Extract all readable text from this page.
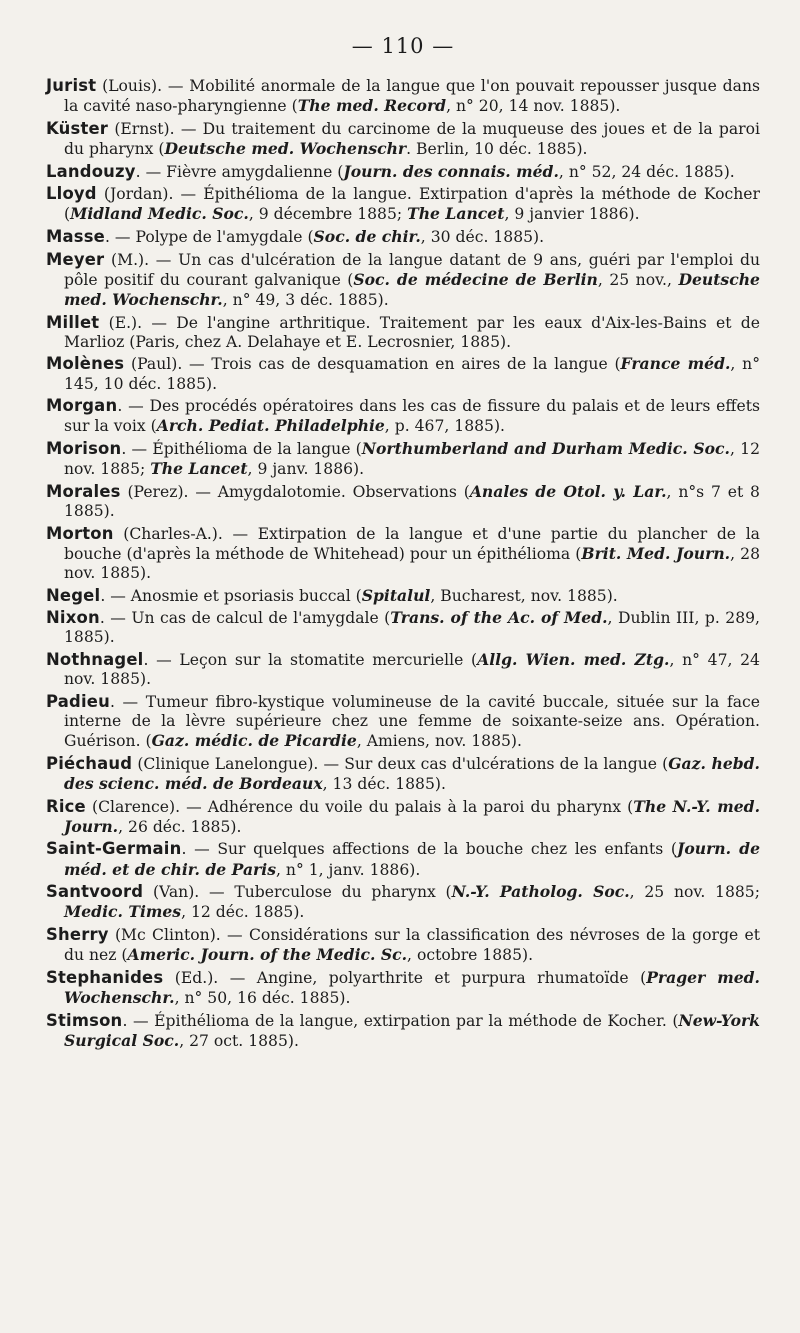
— 110 —

Jurist (Louis). — Mobilité anormale de la langue que l'on pouvait repousser jusque dans la cavité naso-pharyngienne (The med. Record, n° 20, 14 nov. 1885).

Küster (Ernst). — Du traitement du carcinome de la muqueuse des joues et de la paroi du pharynx (Deutsche med. Wochenschr. Berlin, 10 déc. 1885).

Landouzy. — Fièvre amygdalienne (Journ. des connais. méd., n° 52, 24 déc. 1885).

Lloyd (Jordan). — Épithélioma de la langue. Extirpation d'après la méthode de Kocher (Midland Medic. Soc., 9 décembre 1885; The Lancet, 9 janvier 1886).

Masse. — Polype de l'amygdale (Soc. de chir., 30 déc. 1885).

Meyer (M.). — Un cas d'ulcération de la langue datant de 9 ans, guéri par l'emploi du pôle positif du courant galvanique (Soc. de médecine de Berlin, 25 nov., Deutsche med. Wochenschr., n° 49, 3 déc. 1885).

Millet (E.). — De l'angine arthritique. Traitement par les eaux d'Aix-les-Bains et de Marlioz (Paris, chez A. Delahaye et E. Lecrosnier, 1885).

Molènes (Paul). — Trois cas de desquamation en aires de la langue (France méd., n° 145, 10 déc. 1885).

Morgan. — Des procédés opératoires dans les cas de fissure du palais et de leurs effets sur la voix (Arch. Pediat. Philadelphie, p. 467, 1885).

Morison. — Épithélioma de la langue (Northumberland and Durham Medic. Soc., 12 nov. 1885; The Lancet, 9 janv. 1886).

Morales (Perez). — Amygdalotomie. Observations (Anales de Otol. y. Lar., n°s 7 et 8 1885).

Morton (Charles-A.). — Extirpation de la langue et d'une partie du plancher de la bouche (d'après la méthode de Whitehead) pour un épithélioma (Brit. Med. Journ., 28 nov. 1885).

Negel. — Anosmie et psoriasis buccal (Spitalul, Bucharest, nov. 1885).

Nixon. — Un cas de calcul de l'amygdale (Trans. of the Ac. of Med., Dublin III, p. 289, 1885).

Nothnagel. — Leçon sur la stomatite mercurielle (Allg. Wien. med. Ztg., n° 47, 24 nov. 1885).

Padieu. — Tumeur fibro-kystique volumineuse de la cavité buccale, située sur la face interne de la lèvre supérieure chez une femme de soixante-seize ans. Opération. Guérison. (Gaz. médic. de Picardie, Amiens, nov. 1885).

Piéchaud (Clinique Lanelongue). — Sur deux cas d'ulcérations de la langue (Gaz. hebd. des scienc. méd. de Bordeaux, 13 déc. 1885).

Rice (Clarence). — Adhérence du voile du palais à la paroi du pharynx (The N.-Y. med. Journ., 26 déc. 1885).

Saint-Germain. — Sur quelques affections de la bouche chez les enfants (Journ. de méd. et de chir. de Paris, n° 1, janv. 1886).

Santvoord (Van). — Tuberculose du pharynx (N.-Y. Patholog. Soc., 25 nov. 1885; Medic. Times, 12 déc. 1885).

Sherry (Mc Clinton). — Considérations sur la classification des névroses de la gorge et du nez (Americ. Journ. of the Medic. Sc., octobre 1885).

Stephanides (Ed.). — Angine, polyarthrite et purpura rhumatoïde (Prager med. Wochenschr., n° 50, 16 déc. 1885).

Stimson. — Épithélioma de la langue, extirpation par la méthode de Kocher. (New-York Surgical Soc., 27 oct. 1885).
